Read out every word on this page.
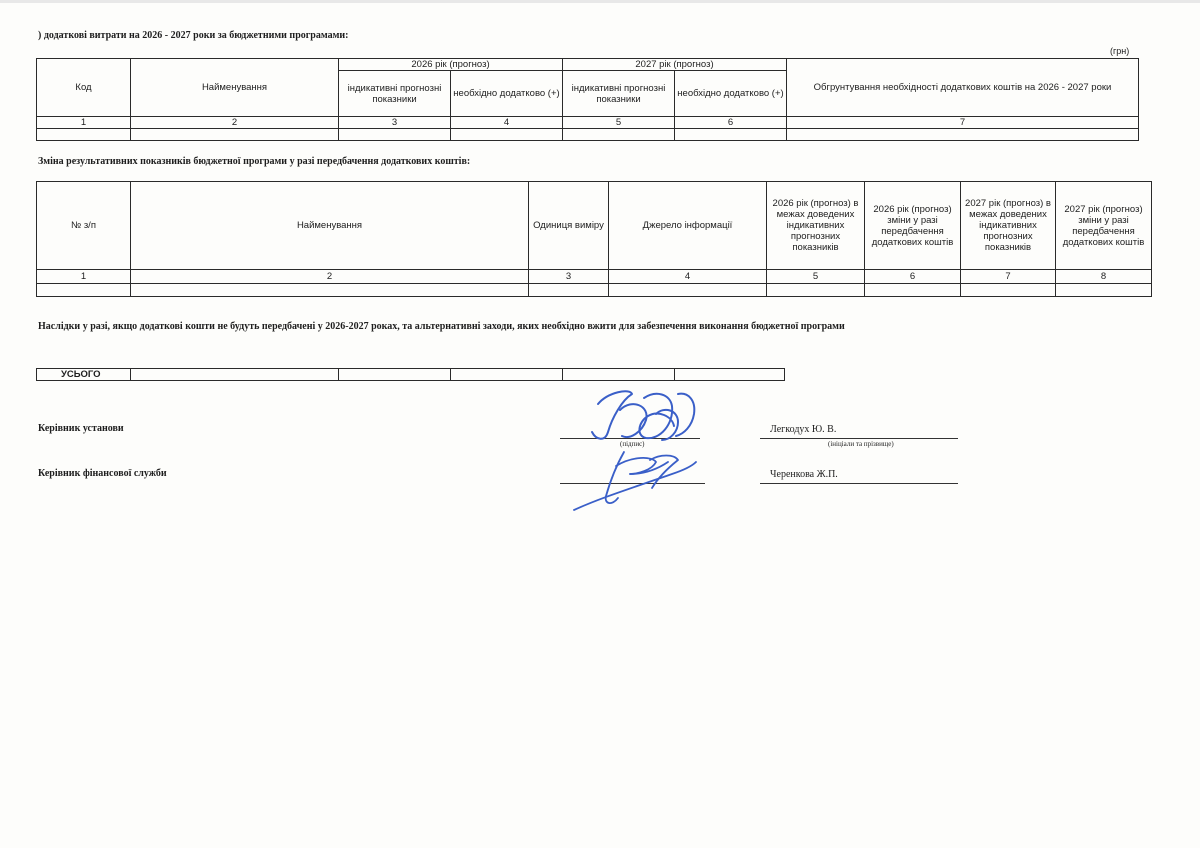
) додаткові витрати на 2026 - 2027 роки за бюджетними програмами:
(грн)
Код	Найменування	2026 рік (прогноз)		2027 рік (прогноз)		Обгрунтування необхідності додаткових коштів на 2026 - 2027 роки
		індикативні прогнозні показники	необхідно додатково (+)	індикативні прогнозні показники	необхідно додатково (+)	
1	2	3	4	5	6	7

Зміна результативних показників бюджетної програми у разі передбачення додаткових коштів:
№ з/п	Найменування	Одиниця виміру	Джерело інформації	2026 рік (прогноз) в межах доведених індикативних прогнозних показників	2026 рік (прогноз) зміни у разі передбачення додаткових коштів	2027 рік (прогноз) в межах доведених індикативних прогнозних показників	2027 рік (прогноз) зміни у разі передбачення додаткових коштів
1	2	3	4	5	6	7	8

Наслідки у разі, якщо додаткові кошти не будуть передбачені у 2026-2027 роках, та альтернативні заходи, яких необхідно вжити для забезпечення виконання бюджетної програми
УСЬОГО					
Керівник установи
(підпис)
Легкодух Ю. В.
(ініціали та прізвище)
Керівник фінансової служби	Черенкова Ж.П.
